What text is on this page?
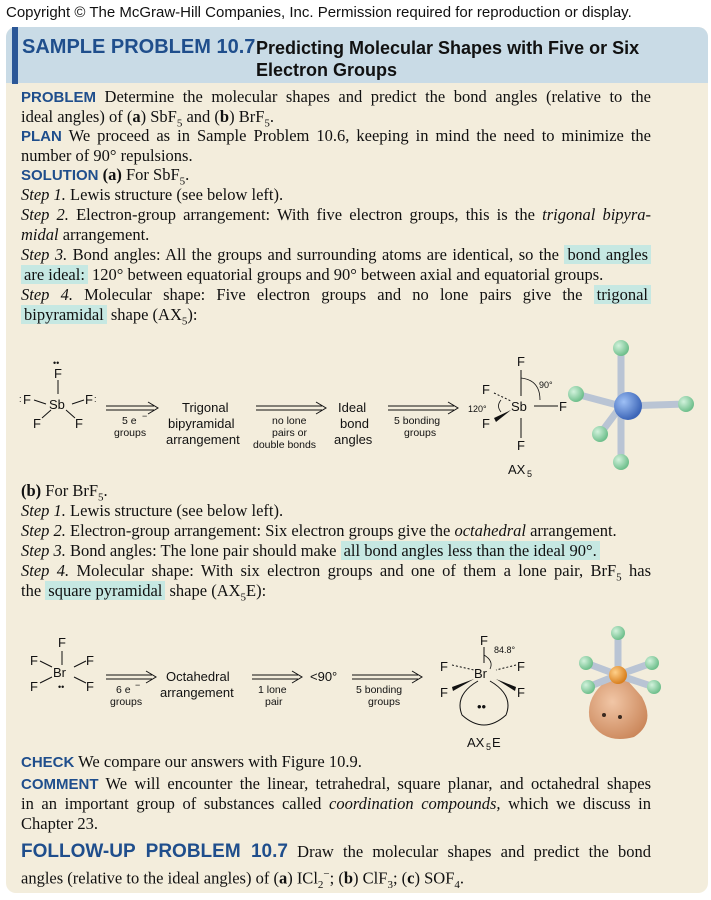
Copyright © The McGraw-Hill Companies, Inc. Permission required for reproduction or display.
SAMPLE PROBLEM 10.7 Predicting Molecular Shapes with Five or Six
Electron Groups
PROBLEM Determine the molecular shapes and predict the bond angles (relative to the
ideal angles) of (a) SbF$_5$ and (b) BrF$_5$.
PLAN We proceed as in Sample Problem 10.6, keeping in mind the need to minimize the
number of 90° repulsions.
SOLUTION (a) For SbF$_5$.
Step 1. Lewis structure (see below left).
Step 2. Electron-group arrangement: With five electron groups, this is the trigonal bipyra-
midal arrangement.
Step 3. Bond angles: All the groups and surrounding atoms are identical, so the bond angles
are ideal: 120° between equatorial groups and 90° between axial and equatorial groups.
Step 4. Molecular shape: Five electron groups and no lone pairs give the trigonal
bipyramidal shape $(AX_5)$:
Sb
F
F	F
F	F
••
:	:
5 e −
groups
Trigonal
bipyramidal
arrangement
no lone
pairs or
double bonds
Ideal
bond
angles
5 bonding
groups
Sb
F
F
F
F
F
90°
120°
AX 5
(b) For BrF$_5$.
Step 1. Lewis structure (see below left).
Step 2. Electron-group arrangement: Six electron groups give the octahedral arrangement.
Step 3. Bond angles: The lone pair should make all bond angles less than the ideal 90°.
Step 4. Molecular shape: With six electron groups and one of them a lone pair, BrF$_5$ has
the square pyramidal shape $(AX_5E)$:
Br
F
F	F
F	F
••	6 e −
groups
Octahedral
arrangement 1 lone
pair
<90°
5 bonding
groups
Br
F
F	F
F	F
84.8°
••
AX 5 E
CHECK We compare our answers with Figure 10.9.
COMMENT We will encounter the linear, tetrahedral, square planar, and octahedral shapes
in an important group of substances called coordination compounds, which we discuss in
Chapter 23.
FOLLOW-UP PROBLEM 10.7 Draw the molecular shapes and predict the bond
angles (relative to the ideal angles) of (a) ICl$_2$−; (b) ClF$_3$; (c) $SOF_4$.
